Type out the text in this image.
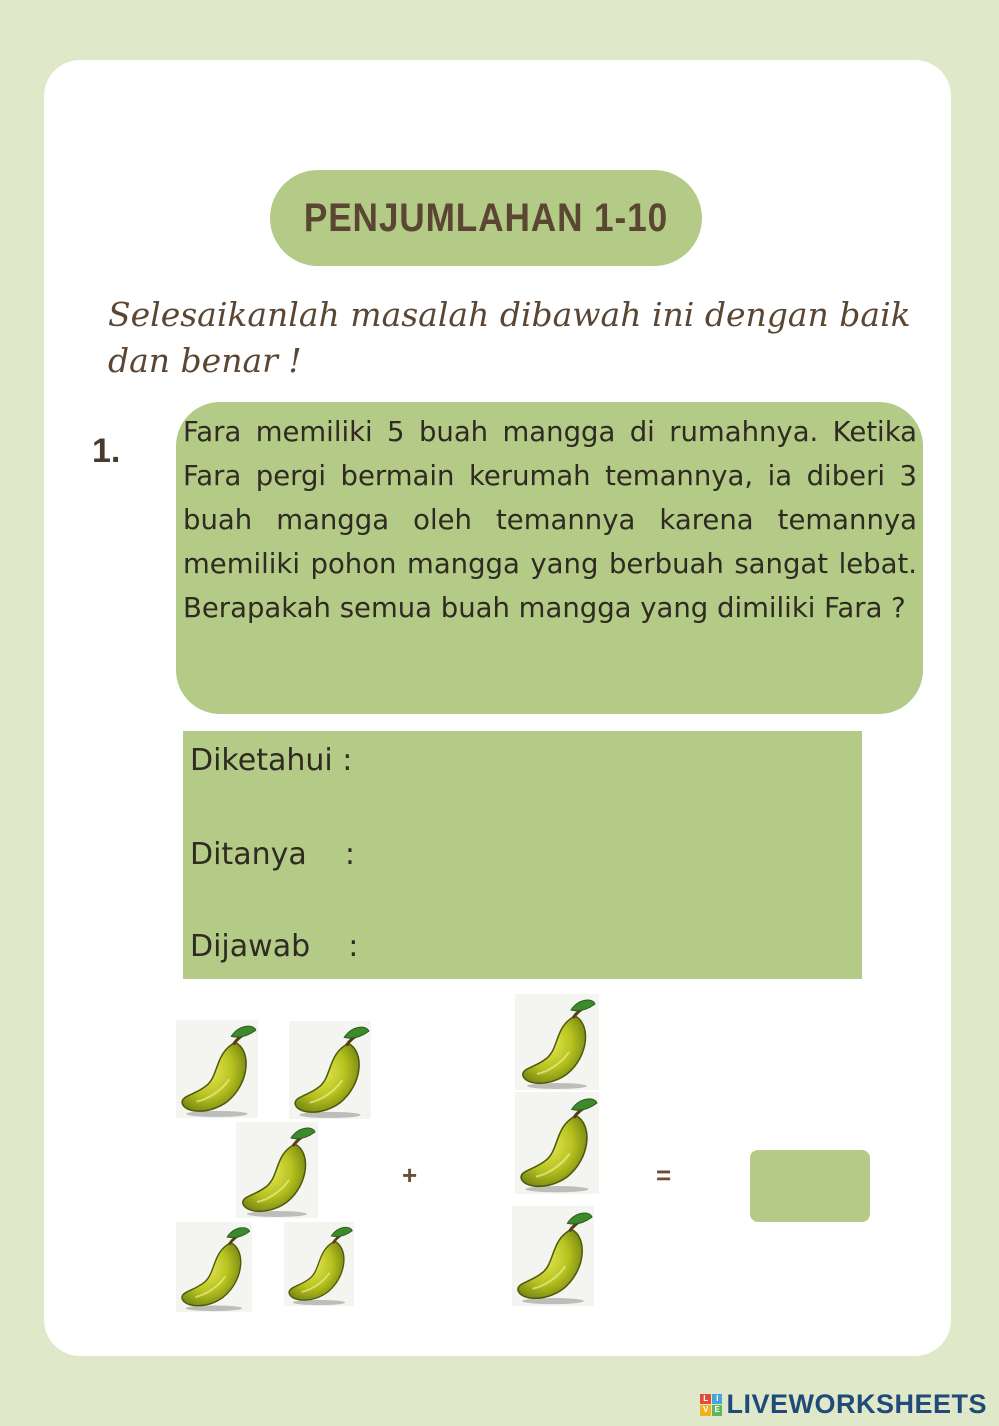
PENJUMLAHAN 1-10
Selesaikanlah masalah dibawah ini dengan baik dan benar !
1. Fara memiliki 5 buah mangga di rumahnya. Ketika Fara pergi bermain kerumah temannya, ia diberi 3 buah mangga oleh temannya karena temannya memiliki pohon mangga yang berbuah sangat lebat. Berapakah semua buah mangga yang dimiliki Fara ?
Diketahui :
Ditanya    :
Dijawab    :
+	=
L I
V E LIVEWORKSHEETS
